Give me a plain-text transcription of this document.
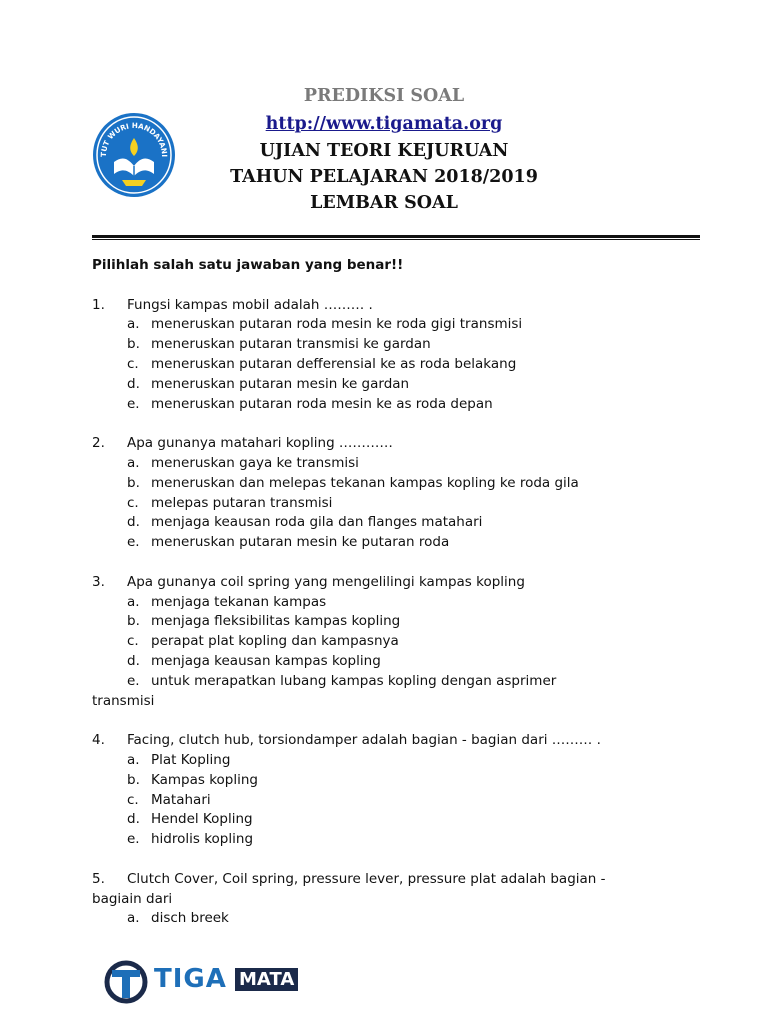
TUT WURI HANDAYANI
PREDIKSI SOAL
http://www.tigamata.org
UJIAN TEORI KEJURUAN
TAHUN PELAJARAN 2018/2019
LEMBAR SOAL
Pilihlah salah satu jawaban yang benar!!
1.	Fungsi kampas mobil adalah ……… .
a. meneruskan putaran roda mesin ke roda gigi transmisi
b. meneruskan putaran transmisi ke gardan
c. meneruskan putaran defferensial ke as roda belakang
d. meneruskan putaran mesin ke gardan
e. meneruskan putaran roda mesin ke as roda depan
2.	Apa gunanya matahari kopling …………
a. meneruskan gaya ke transmisi
b. meneruskan dan melepas tekanan kampas kopling ke roda gila
c. melepas putaran transmisi
d. menjaga keausan roda gila dan flanges matahari
e. meneruskan putaran mesin ke putaran roda
3.	Apa gunanya coil spring yang mengelilingi kampas kopling
a. menjaga tekanan kampas
b. menjaga fleksibilitas kampas kopling
c. perapat plat kopling dan kampasnya
d. menjaga keausan kampas kopling
e. untuk merapatkan lubang kampas kopling dengan asprimer
transmisi
4.	Facing, clutch hub, torsiondamper adalah bagian - bagian dari ……… .
a. Plat Kopling
b. Kampas kopling
c. Matahari
d. Hendel Kopling
e. hidrolis kopling
5.	Clutch Cover, Coil spring, pressure lever, pressure plat adalah bagian -
bagiain dari
a. disch breek
TIGA MATA
